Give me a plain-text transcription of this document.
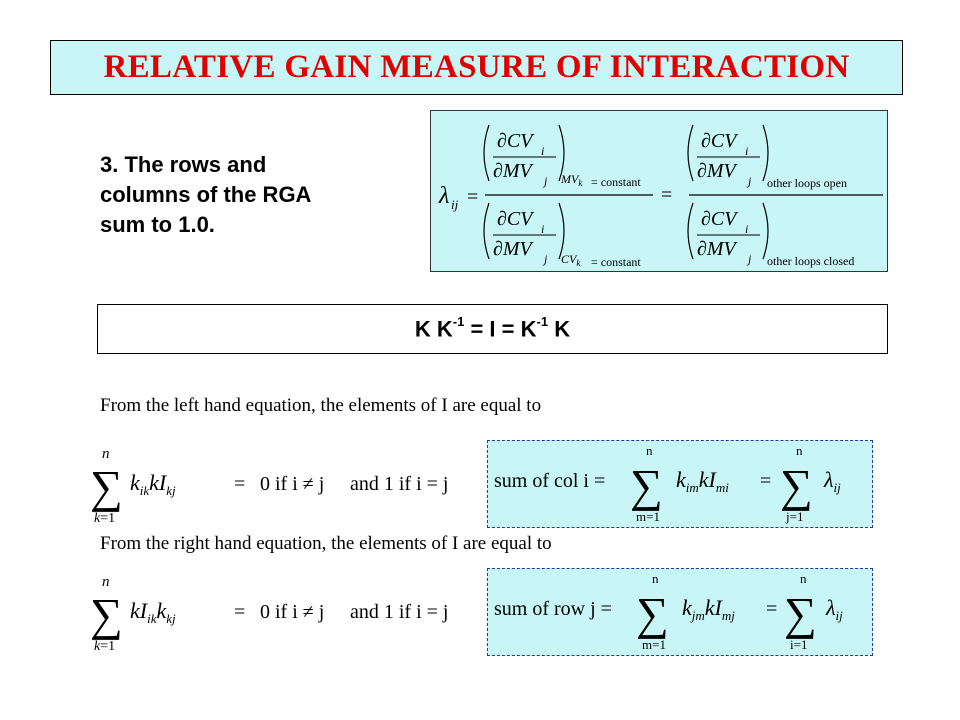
RELATIVE GAIN MEASURE OF INTERACTION
3. The rows and
columns of the RGA
sum to 1.0.
λ ij =
∂CV i
∂MV j $MV_k$ = constant
∂CV i
∂MV j $CV_k$ = constant
=
∂CV i
∂MV j other loops open
∂CV i
∂MV j other loops closed
K $K^{-1} = I = K^{-1}$ K
From the left hand equation, the elements of I are equal to
n
∑
k=1
$k_{ik}kI_{kj}$	= 0 if i ≠ j and 1 if i = j sum of col i =
n
∑
m=1
$k_{im}kI_{mi}$ =
n
∑
j=1
$\lambda_{ij}$
From the right hand equation, the elements of I are equal to
n
∑
k=1
$kI_{ik}k_{kj}$	= 0 if i ≠ j and 1 if i = j sum of row j =
n
∑
m=1
$k_{jm}kI_{mj}$ =
n
∑
i=1
$\lambda_{ij}$
